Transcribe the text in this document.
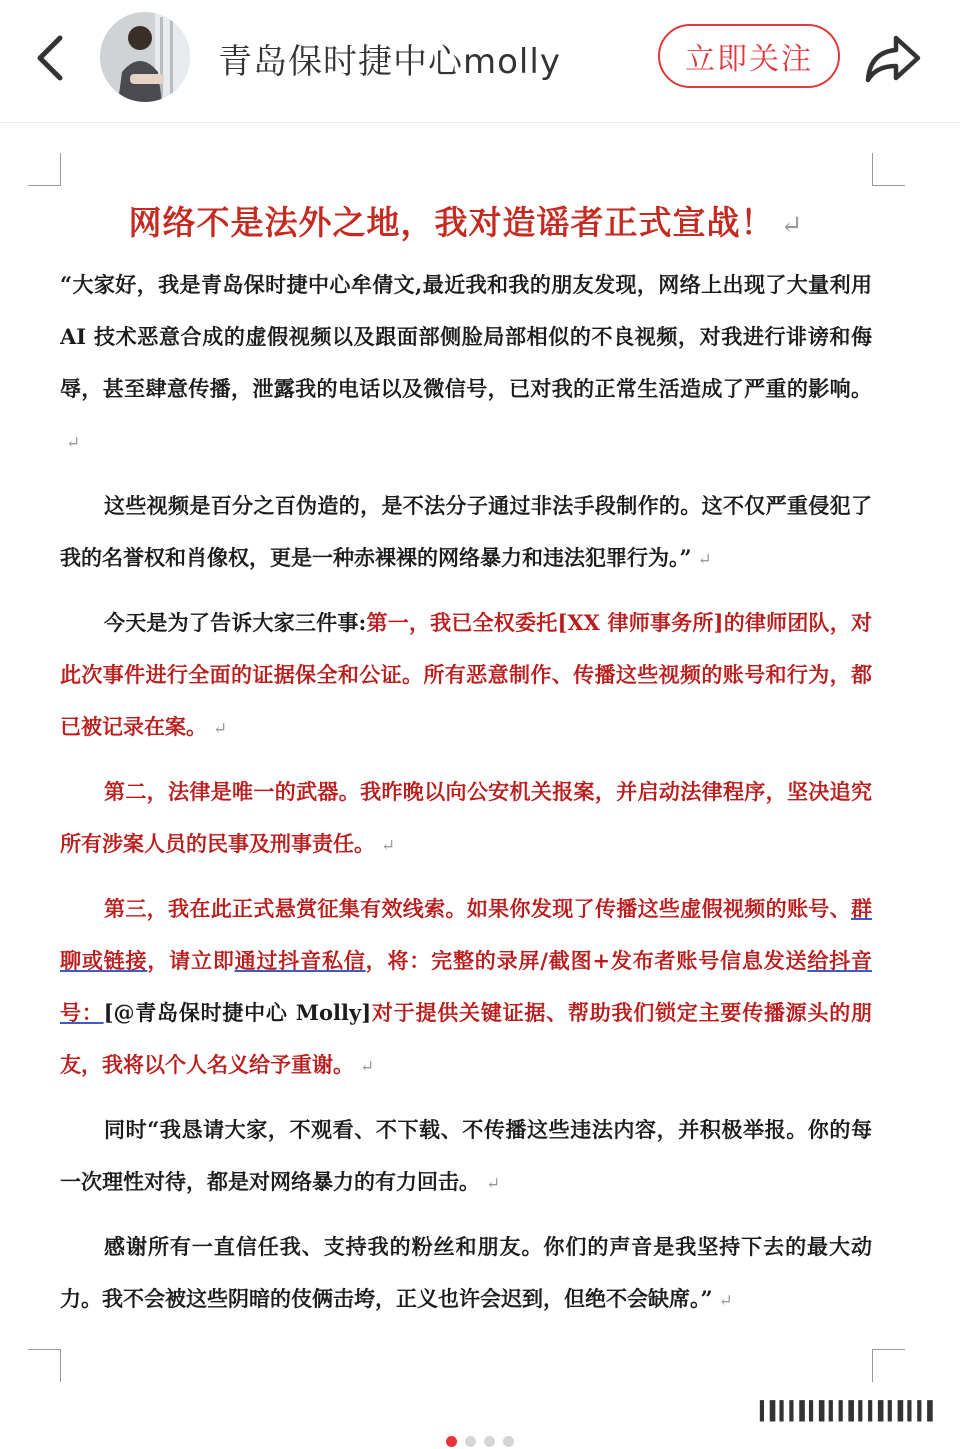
青岛保时捷中心molly	立即关注
网络不是法外之地，我对造谣者正式宣战！ ↵

“大家好，我是青岛保时捷中心牟倩文,最近我和我的朋友发现，网络上出现了大量利用 AI 技术恶意合成的虚假视频以及跟面部侧脸局部相似的不良视频，对我进行诽谤和侮辱，甚至肆意传播，泄露我的电话以及微信号，已对我的正常生活造成了严重的影响。↵

这些视频是百分之百伪造的，是不法分子通过非法手段制作的。这不仅严重侵犯了我的名誉权和肖像权，更是一种赤裸裸的网络暴力和违法犯罪行为。” ↵

今天是为了告诉大家三件事:第一，我已全权委托[XX 律师事务所]的律师团队，对此次事件进行全面的证据保全和公证。所有恶意制作、传播这些视频的账号和行为，都已被记录在案。 ↵

第二，法律是唯一的武器。我昨晚以向公安机关报案，并启动法律程序，坚决追究所有涉案人员的民事及刑事责任。 ↵

第三，我在此正式悬赏征集有效线索。如果你发现了传播这些虚假视频的账号、群聊或链接，请立即通过抖音私信，将：完整的录屏/截图+发布者账号信息发送给抖音号：[@青岛保时捷中心 Molly]对于提供关键证据、帮助我们锁定主要传播源头的朋友，我将以个人名义给予重谢。 ↵

同时“我恳请大家，不观看、不下载、不传播这些违法内容，并积极举报。你的每一次理性对待，都是对网络暴力的有力回击。 ↵

感谢所有一直信任我、支持我的粉丝和朋友。你们的声音是我坚持下去的最大动力。我不会被这些阴暗的伎俩击垮，正义也许会迟到，但绝不会缺席。” ↵

▍▌▍▍▌▍▌▍▍▌▍▍▌▍▌▍▍▌
